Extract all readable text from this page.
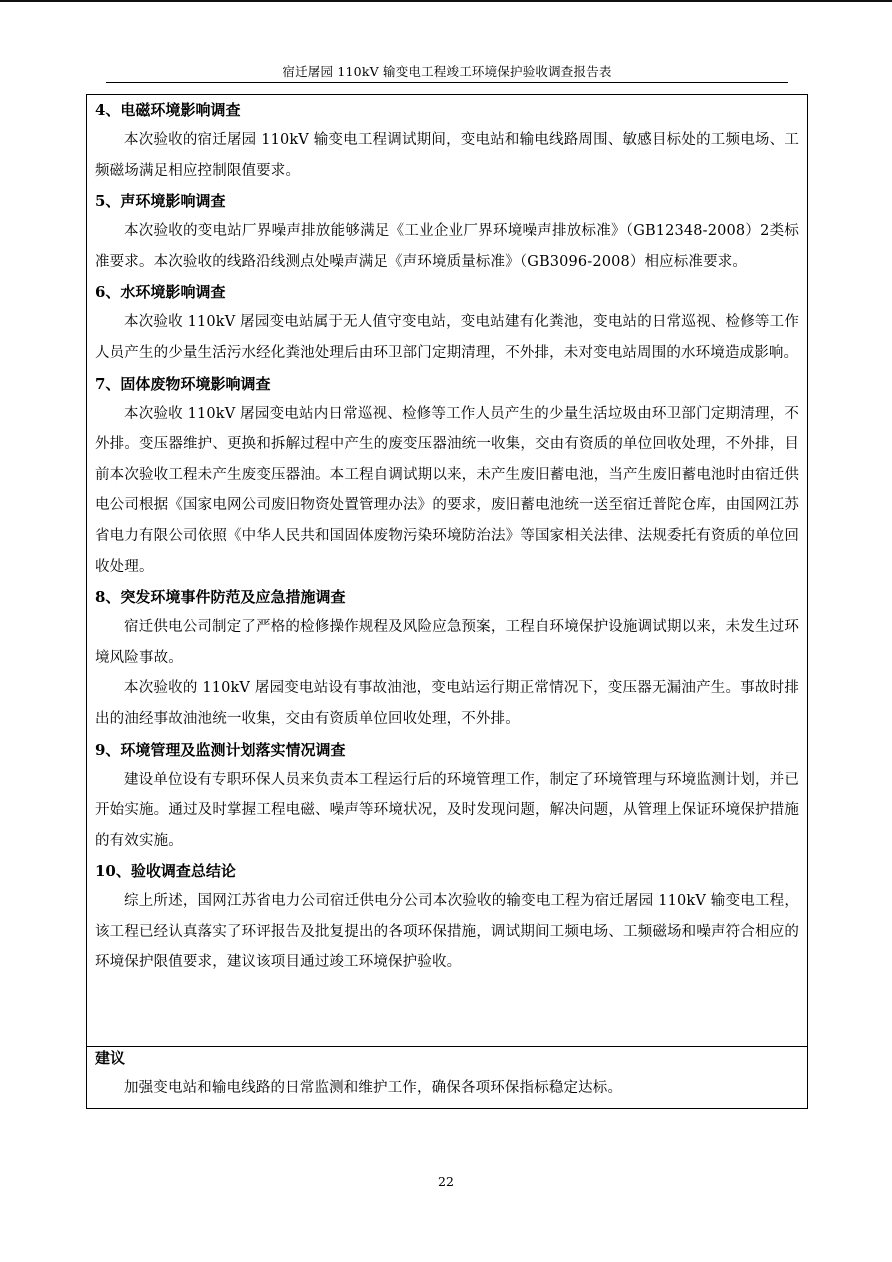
宿迁屠园 110kV 输变电工程竣工环境保护验收调查报告表
4、电磁环境影响调查
本次验收的宿迁屠园 110kV 输变电工程调试期间，变电站和输电线路周围、敏感目标处的工频电场、工频磁场满足相应控制限值要求。
5、声环境影响调查
本次验收的变电站厂界噪声排放能够满足《工业企业厂界环境噪声排放标准》（GB12348-2008）2类标准要求。本次验收的线路沿线测点处噪声满足《声环境质量标准》（GB3096-2008）相应标准要求。
6、水环境影响调查
本次验收 110kV 屠园变电站属于无人值守变电站，变电站建有化粪池，变电站的日常巡视、检修等工作人员产生的少量生活污水经化粪池处理后由环卫部门定期清理，不外排，未对变电站周围的水环境造成影响。
7、固体废物环境影响调查
本次验收 110kV 屠园变电站内日常巡视、检修等工作人员产生的少量生活垃圾由环卫部门定期清理，不外排。变压器维护、更换和拆解过程中产生的废变压器油统一收集，交由有资质的单位回收处理，不外排，目前本次验收工程未产生废变压器油。本工程自调试期以来，未产生废旧蓄电池，当产生废旧蓄电池时由宿迁供电公司根据《国家电网公司废旧物资处置管理办法》的要求，废旧蓄电池统一送至宿迁普陀仓库，由国网江苏省电力有限公司依照《中华人民共和国固体废物污染环境防治法》等国家相关法律、法规委托有资质的单位回收处理。
8、突发环境事件防范及应急措施调查
宿迁供电公司制定了严格的检修操作规程及风险应急预案，工程自环境保护设施调试期以来，未发生过环境风险事故。
本次验收的 110kV 屠园变电站设有事故油池，变电站运行期正常情况下，变压器无漏油产生。事故时排出的油经事故油池统一收集，交由有资质单位回收处理，不外排。
9、环境管理及监测计划落实情况调查
建设单位设有专职环保人员来负责本工程运行后的环境管理工作，制定了环境管理与环境监测计划，并已开始实施。通过及时掌握工程电磁、噪声等环境状况，及时发现问题，解决问题，从管理上保证环境保护措施的有效实施。
10、验收调查总结论
综上所述，国网江苏省电力公司宿迁供电分公司本次验收的输变电工程为宿迁屠园 110kV 输变电工程，该工程已经认真落实了环评报告及批复提出的各项环保措施，调试期间工频电场、工频磁场和噪声符合相应的环境保护限值要求，建议该项目通过竣工环境保护验收。
建议
加强变电站和输电线路的日常监测和维护工作，确保各项环保指标稳定达标。
22
